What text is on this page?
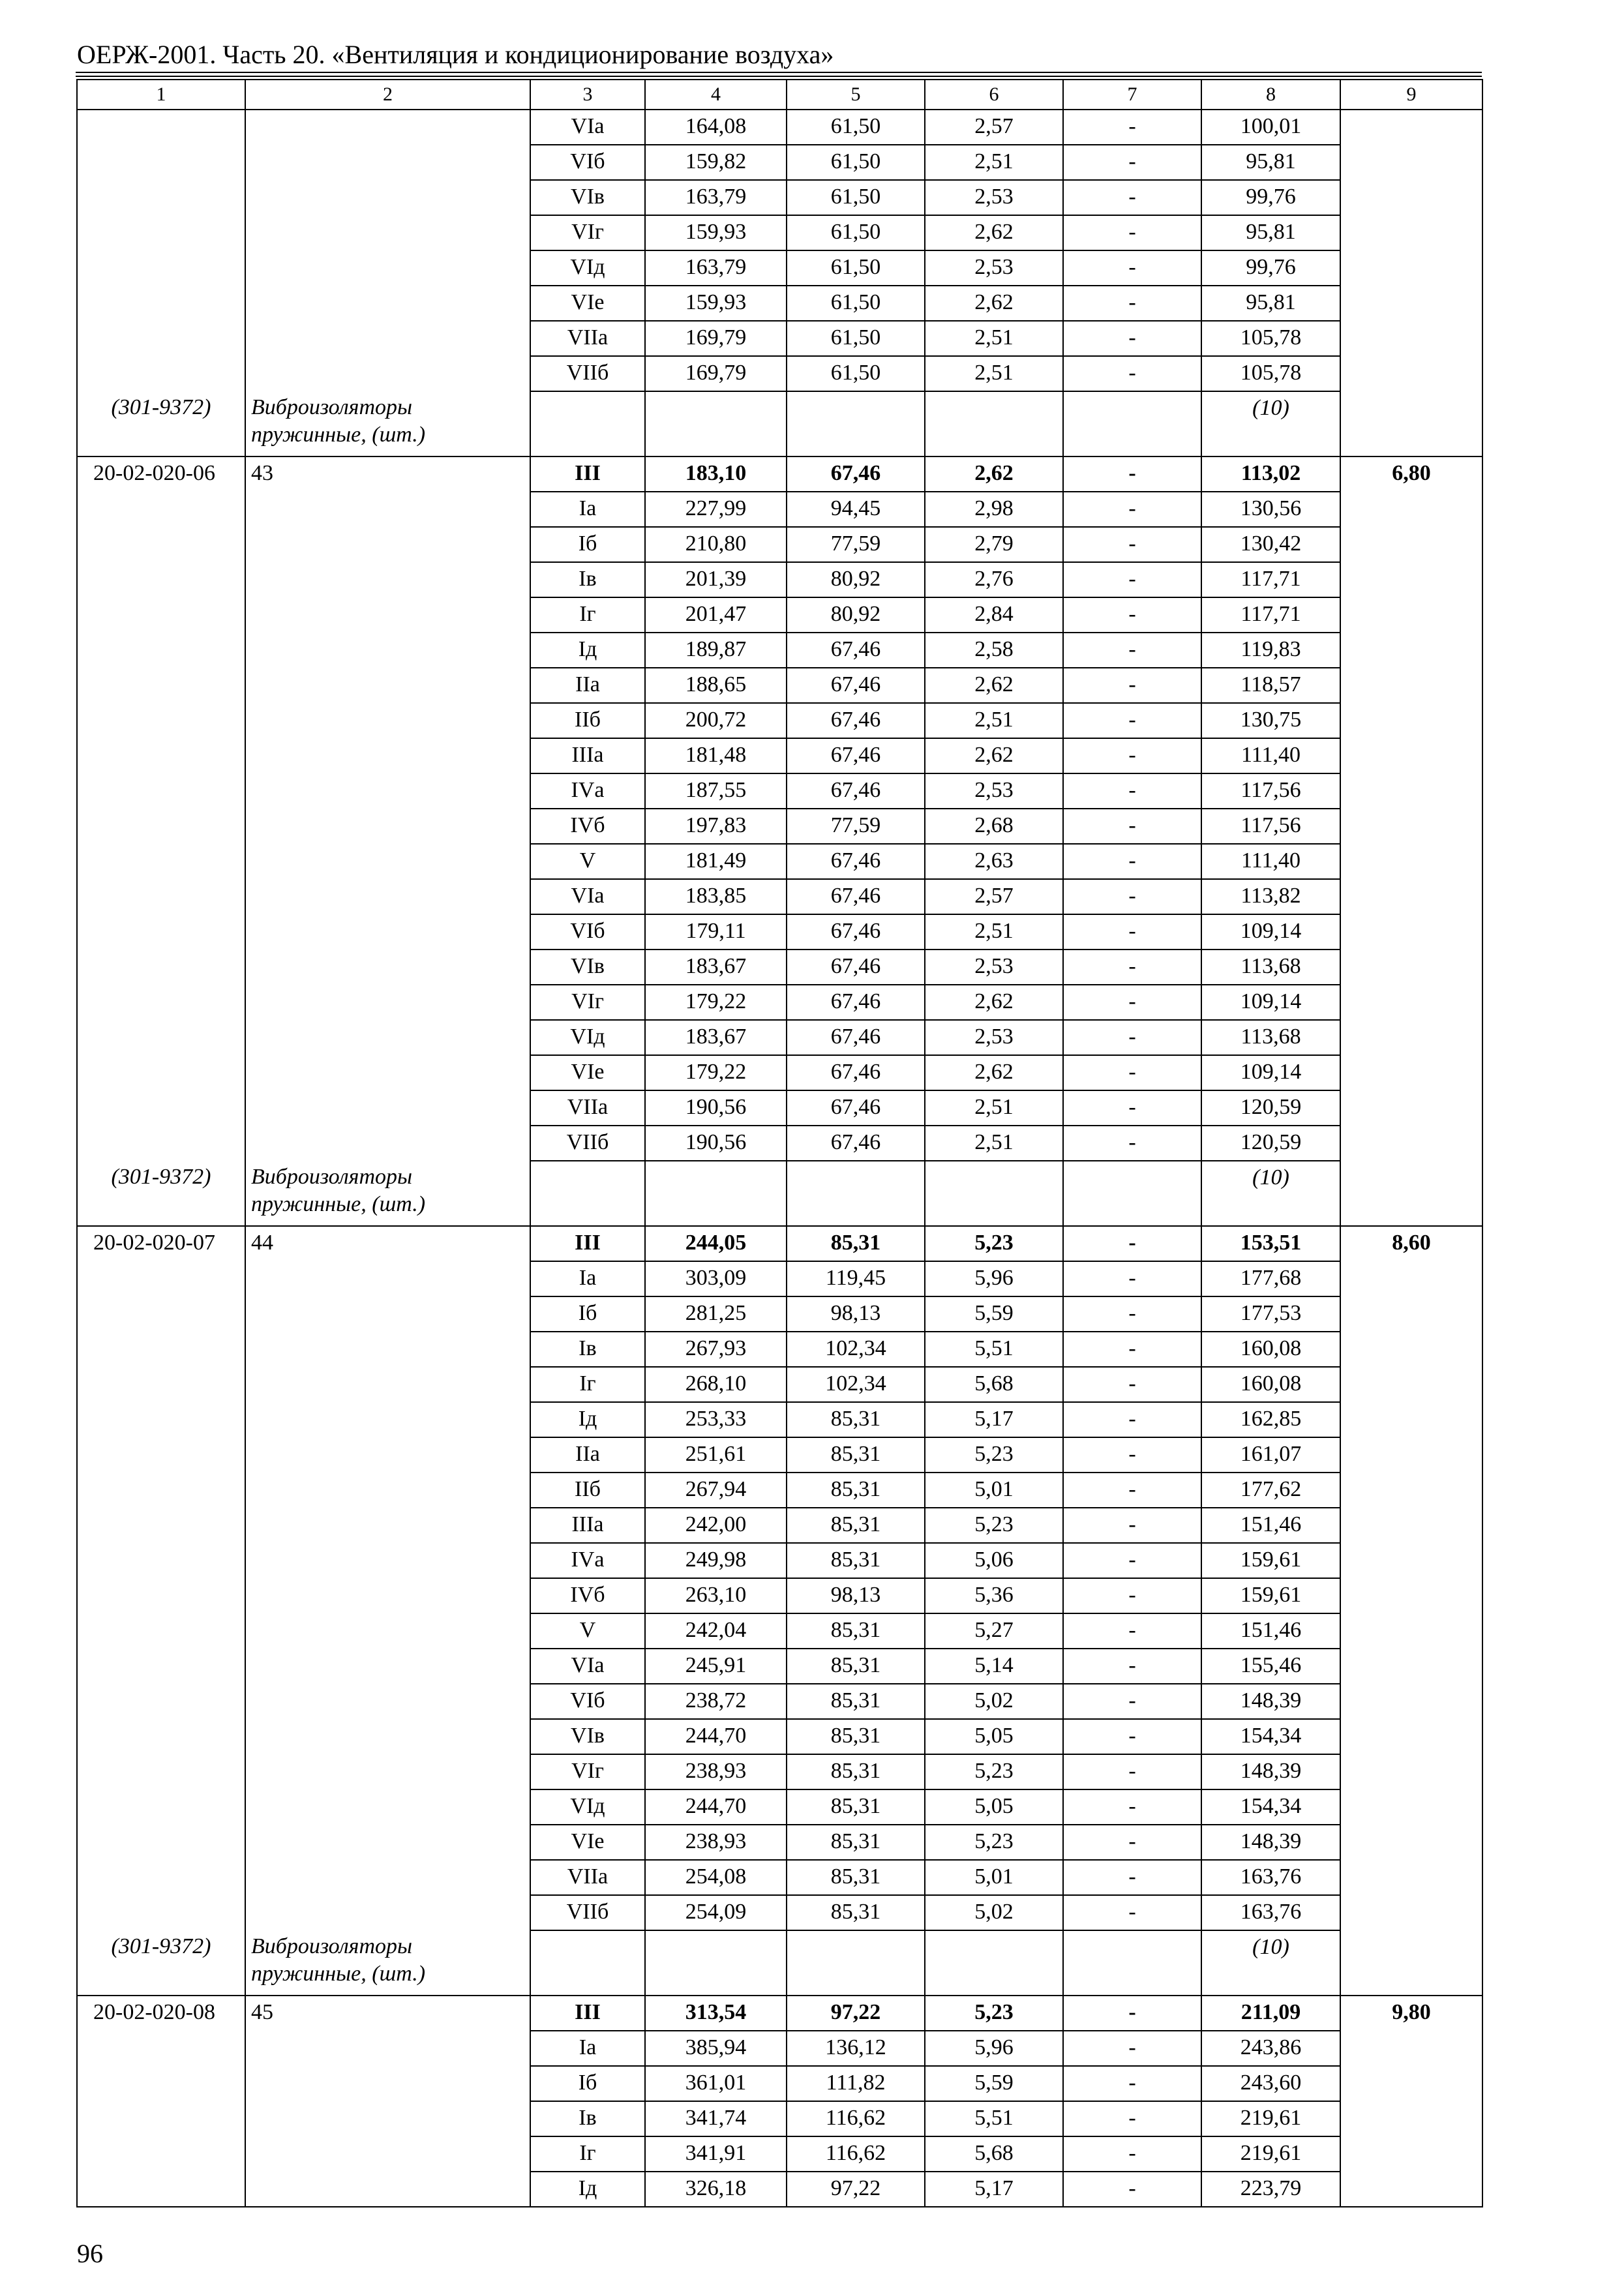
ОЕРЖ-2001. Часть 20. «Вентиляция и кондиционирование воздуха»
1	2	3	4	5	6	7	8	9
		VIа	164,08	61,50	2,57	-	100,01	
		VIб	159,82	61,50	2,51	-	95,81	
		VIв	163,79	61,50	2,53	-	99,76	
		VIг	159,93	61,50	2,62	-	95,81	
		VIд	163,79	61,50	2,53	-	99,76	
		VIе	159,93	61,50	2,62	-	95,81	
		VIIа	169,79	61,50	2,51	-	105,78	
		VIIб	169,79	61,50	2,51	-	105,78	
(301-9372)	Виброизоляторы пружинные, (шт.)						(10)	
20-02-020-06	43	III	183,10	67,46	2,62	-	113,02	6,80
		Iа	227,99	94,45	2,98	-	130,56	
		Iб	210,80	77,59	2,79	-	130,42	
		Iв	201,39	80,92	2,76	-	117,71	
		Iг	201,47	80,92	2,84	-	117,71	
		Iд	189,87	67,46	2,58	-	119,83	
		IIа	188,65	67,46	2,62	-	118,57	
		IIб	200,72	67,46	2,51	-	130,75	
		IIIа	181,48	67,46	2,62	-	111,40	
		IVа	187,55	67,46	2,53	-	117,56	
		IVб	197,83	77,59	2,68	-	117,56	
		V	181,49	67,46	2,63	-	111,40	
		VIа	183,85	67,46	2,57	-	113,82	
		VIб	179,11	67,46	2,51	-	109,14	
		VIв	183,67	67,46	2,53	-	113,68	
		VIг	179,22	67,46	2,62	-	109,14	
		VIд	183,67	67,46	2,53	-	113,68	
		VIе	179,22	67,46	2,62	-	109,14	
		VIIа	190,56	67,46	2,51	-	120,59	
		VIIб	190,56	67,46	2,51	-	120,59	
(301-9372)	Виброизоляторы пружинные, (шт.)						(10)	
20-02-020-07	44	III	244,05	85,31	5,23	-	153,51	8,60
		Iа	303,09	119,45	5,96	-	177,68	
		Iб	281,25	98,13	5,59	-	177,53	
		Iв	267,93	102,34	5,51	-	160,08	
		Iг	268,10	102,34	5,68	-	160,08	
		Iд	253,33	85,31	5,17	-	162,85	
		IIа	251,61	85,31	5,23	-	161,07	
		IIб	267,94	85,31	5,01	-	177,62	
		IIIа	242,00	85,31	5,23	-	151,46	
		IVа	249,98	85,31	5,06	-	159,61	
		IVб	263,10	98,13	5,36	-	159,61	
		V	242,04	85,31	5,27	-	151,46	
		VIа	245,91	85,31	5,14	-	155,46	
		VIб	238,72	85,31	5,02	-	148,39	
		VIв	244,70	85,31	5,05	-	154,34	
		VIг	238,93	85,31	5,23	-	148,39	
		VIд	244,70	85,31	5,05	-	154,34	
		VIе	238,93	85,31	5,23	-	148,39	
		VIIа	254,08	85,31	5,01	-	163,76	
		VIIб	254,09	85,31	5,02	-	163,76	
(301-9372)	Виброизоляторы пружинные, (шт.)						(10)	
20-02-020-08	45	III	313,54	97,22	5,23	-	211,09	9,80
		Iа	385,94	136,12	5,96	-	243,86	
		Iб	361,01	111,82	5,59	-	243,60	
		Iв	341,74	116,62	5,51	-	219,61	
		Iг	341,91	116,62	5,68	-	219,61	
		Iд	326,18	97,22	5,17	-	223,79	
96
